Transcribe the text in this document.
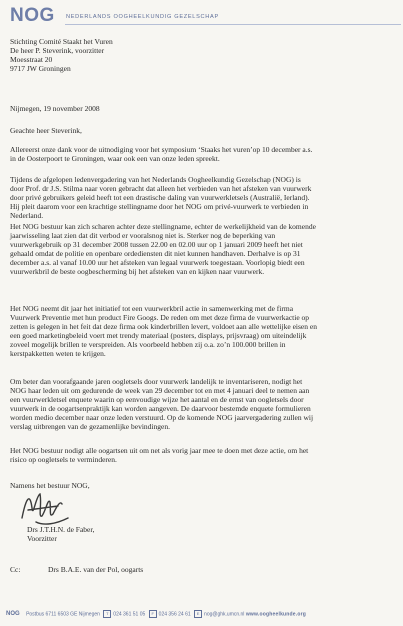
NOG NEDERLANDS OOGHEELKUNDIG GEZELSCHAP
Stichting Comité Staakt het Vuren
De heer P. Steverink, voorzitter
Moesstraat 20
9717 JW Groningen
Nijmegen, 19 november 2008
Geachte heer Steverink,
Allereerst onze dank voor de uitnodiging voor het symposium ‘Staaks het vuren’op 10 december a.s.
in de Oosterpoort te Groningen, waar ook een van onze leden spreekt.
Tijdens de afgelopen ledenvergadering van het Nederlands Oogheelkundig Gezelschap (NOG) is
door Prof. dr J.S. Stilma naar voren gebracht dat alleen het verbieden van het afsteken van vuurwerk
door privé gebruikers geleid heeft tot een drastische daling van vuurwerkletsels (Australië, Ierland).
Hij pleit daarom voor een krachtige stellingname door het NOG om privé-vuurwerk te verbieden in
Nederland.
Het NOG bestuur kan zich scharen achter deze stellingname, echter de werkelijkheid van de komende
jaarwisseling laat zien dat dit verbod er vooralsnog niet is. Sterker nog de beperking van
vuurwerkgebruik op 31 december 2008 tussen 22.00 en 02.00 uur op 1 januari 2009 heeft het niet
gehaald omdat de politie en openbare ordediensten dit niet kunnen handhaven. Derhalve is op 31
december a.s. al vanaf 10.00 uur het afsteken van legaal vuurwerk toegestaan. Voorlopig biedt een
vuurwerkbril de beste oogbescherming bij het afsteken van en kijken naar vuurwerk.
Het NOG neemt dit jaar het initiatief tot een vuurwerkbril actie in samenwerking met de firma
Vuurwerk Preventie met hun product Fire Googs. De reden om met deze firma de vuurwerkactie op
zetten is gelegen in het feit dat deze firma ook kinderbrillen levert, voldoet aan alle wettelijke eisen en
een goed marketingbeleid voert met trendy materiaal (posters, displays, prijsvraag) om uiteindelijk
zoveel mogelijk brillen te verspreiden. Als voorbeeld hebben zij o.a. zo’n 100.000 brillen in
kerstpakketten weten te krijgen.
Om beter dan voorafgaande jaren oogletsels door vuurwerk landelijk te inventariseren, nodigt het
NOG haar leden uit om gedurende de week van 29 december tot en met 4 januari deel te nemen aan
een vuurwerkletsel enquete waarin op eenvoudige wijze het aantal en de ernst van oogletsels door
vuurwerk in de oogartsenpraktijk kan worden aangeven. De daarvoor bestemde enquete formulieren
worden medio december naar onze leden verstuurd. Op de komende NOG jaarvergadering zullen wij
verslag uitbrengen van de gezamenlijke bevindingen.
Het NOG bestuur nodigt alle oogartsen uit om net als vorig jaar mee te doen met deze actie, om het
risico op oogletsels te verminderen.
Namens het bestuur NOG,
Drs J.T.H.N. de Faber,
Voorzitter
Cc:	Drs B.A.E. van der Pol, oogarts
NOG Postbus 6711 6503 GE Nijmegen T 024 361 51 05 F 024 356 24 61 E nog@ghk.umcn.nl www.oogheelkunde.org
